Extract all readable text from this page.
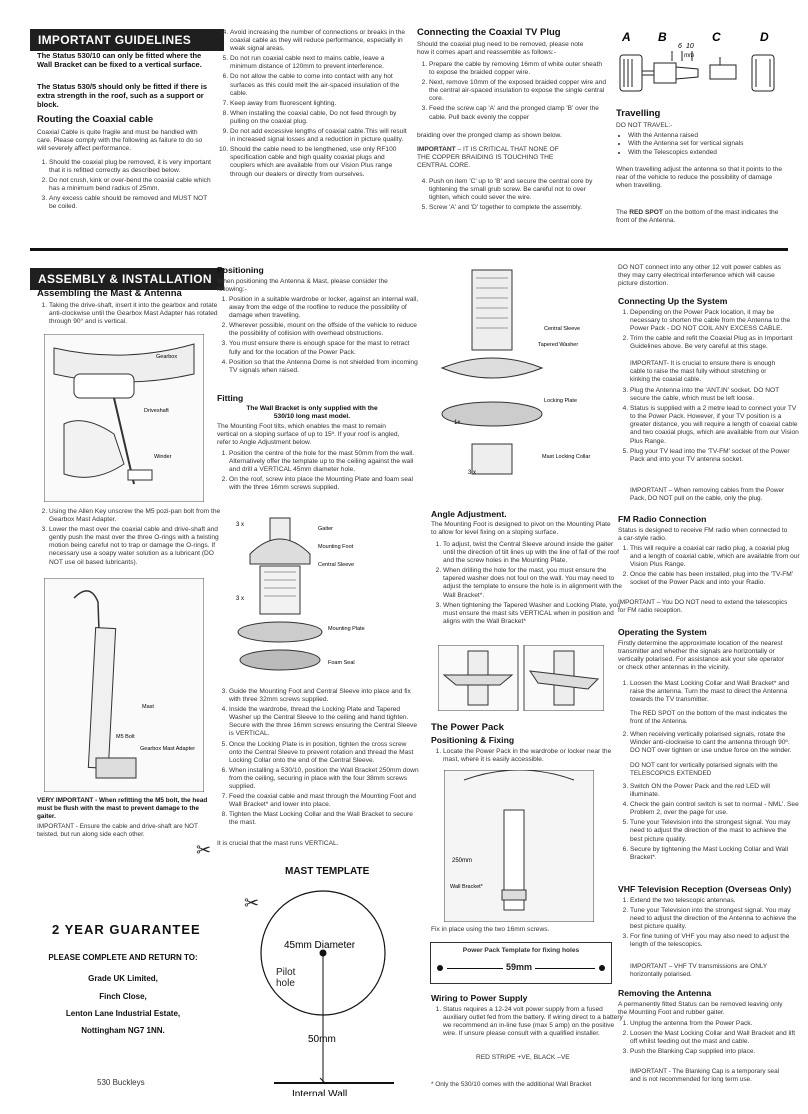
IMPORTANT GUIDELINES
The Status 530/10 can only be fitted where the Wall Bracket can be fixed to a vertical surface.
The Status 530/5 should only be fitted if there is extra strength in the roof, such as a support or block.
Routing the Coaxial cable
Coaxial Cable is quite fragile and must be handled with care. Please comply with the following as failure to do so will severely affect performance.
1. Should the coaxial plug be removed, it is very important that it is refitted correctly as described below.
2. Do not crush, kink or over-bend the coaxial cable which has a minimum bend radius of 25mm.
3. Any excess cable should be removed and MUST NOT be coiled.
4. Avoid increasing the number of connections or breaks in the coaxial cable as they will reduce performance, especially in weak signal areas.
5. Do not run coaxial cable next to mains cable, leave a minimum distance of 120mm to prevent interference.
6. Do not allow the cable to come into contact with any hot surfaces as this could melt the air-spaced insulation of the cable.
7. Keep away from fluorescent lighting.
8. When installing the coaxial cable, Do not feed through by pulling on the coaxial plug.
9. Do not add excessive lengths of coaxial cable.This will result in increased signal losses and a reduction in picture quality.
10. Should the cable need to be lengthened, use only RF100 specification cable and high quality coaxial plugs and couplers which are available from our Vision Plus range through our dealers or directly from ourselves.
Connecting the Coaxial TV Plug
Should the coaxial plug need to be removed, please note how it comes apart and reassemble as follows:-
1. Prepare the cable by removing 16mm of white outer sheath to expose the braided copper wire.
2. Next, remove 10mm of the exposed braided copper wire and the central air-spaced insulation to expose the single central core.
3. Feed the screw cap 'A' and the pronged clamp 'B' over the cable. Pull back evenly the copper
braiding over the pronged clamp as shown below.
IMPORTANT – IT IS CRITICAL THAT NONE OF THE COPPER BRAIDING IS TOUCHING THE CENTRAL CORE.
4. Push on item 'C' up to 'B' and secure the central core by tightening the small grub screw. Be careful not to over tighten, which could sever the wire.
5. Screw 'A' and 'D' together to complete the assembly.
A B	C	D
6 10
mm
Travelling
DO NOT TRAVEL:-
• With the Antenna raised
• With the Antenna set for vertical signals
• With the Telescopics extended
When travelling adjust the antenna so that it points to the rear of the vehicle to reduce the possibility of damage when travelling.
The RED SPOT on the bottom of the mast indicates the front of the Antenna.
ASSEMBLY & INSTALLATION
Assembling the Mast & Antenna
1. Taking the drive-shaft, insert it into the gearbox and rotate anti-clockwise until the Gearbox Mast Adapter has rotated through 90° and is vertical.
Gearbox
Driveshaft
Winder
2. Using the Allen Key unscrew the M5 pozi-pan bolt from the Gearbox Mast Adapter.
3. Lower the mast over the coaxial cable and drive-shaft and gently push the mast over the three O-rings with a twisting motion being careful not to trap or damage the O-rings. If necessary use a soapy water solution as a lubricant (DO NOT use oil based lubricants).
Mast
M5 Bolt
Gearbox Mast Adapter
VERY IMPORTANT - When refitting the M5 bolt, the head must be flush with the mast to prevent damage to the gaiter.
IMPORTANT - Ensure the cable and drive-shaft are NOT twisted, but run along side each other.
✂
2 YEAR GUARANTEE
PLEASE COMPLETE AND RETURN TO:
Grade UK Limited,
Finch Close,
Lenton Lane Industrial Estate,
Nottingham NG7 1NN.
530 Buckleys
Positioning
When positioning the Antenna & Mast, please consider the following:-
1. Position in a suitable wardrobe or locker, against an internal wall, away from the edge of the roofline to reduce the possibility of damage when travelling.
2. Wherever possible, mount on the offside of the vehicle to reduce the possibility of collision with overhead obstructions.
3. You must ensure there is enough space for the mast to retract fully and for the location of the Power Pack.
4. Position so that the Antenna Dome is not shielded from incoming TV signals when raised.
Fitting
The Wall Bracket is only supplied with the 530/10 long mast model.
The Mounting Foot tilts, which enables the mast to remain vertical on a sloping surface of up to 15º. If your roof is angled, refer to Angle Adjustment below.
1. Position the centre of the hole for the mast 50mm from the wall. Alternatively offer the template up to the ceiling against the wall and drill a VERTICAL 45mm diameter hole.
2. On the roof, screw into place the Mounting Plate and foam seal with the three 16mm screws supplied.
3 x
Gaiter
Mounting Foot
Central Sleeve
3 x
Mounting Plate
Foam Seal
3. Guide the Mounting Foot and Central Sleeve into place and fix with three 32mm screws supplied.
4. Inside the wardrobe, thread the Locking Plate and Tapered Washer up the Central Sleeve to the ceiling and hand tighten. Secure with the three 16mm screws ensuring the Central Sleeve is VERTICAL.
5. Once the Locking Plate is in position, tighten the cross screw onto the Central Sleeve to prevent rotation and thread the Mast Locking Collar onto the end of the Central Sleeve.
6. When installing a 530/10, position the Wall Bracket 250mm down from the ceiling, securing in place with the four 38mm screws supplied.
7. Feed the coaxial cable and mast through the Mounting Foot and Wall Bracket* and lower into place.
8. Tighten the Mast Locking Collar and the Wall Bracket to secure the mast.
It is crucial that the mast runs VERTICAL.
✂
MAST TEMPLATE
45mm Diameter
50mm
Internal Wall
Pilot hole
Central Sleeve
Tapered Washer
Locking Plate
1x
3 x
Mast Locking Collar
Angle Adjustment.
The Mounting Foot is designed to pivot on the Mounting Plate to allow for level fixing on a sloping surface.
1. To adjust, twist the Central Sleeve around inside the gaiter until the direction of tilt lines up with the line of fall of the roof and the screw holes in the Mounting Plate.
2. When drilling the hole for the mast, you must ensure the tapered washer does not foul on the wall. You may need to adjust the template to ensure the hole is in alignment with the Wall Bracket*.
3. When tightening the Tapered Washer and Locking Plate, you must ensure the mast sits VERTICAL when in position and aligns with the Wall Bracket*
The Power Pack
Positioning & Fixing
1. Locate the Power Pack in the wardrobe or locker near the mast, where it is easily accessible.
250mm
Wall Bracket*
Fix in place using the two 16mm screws.
Power Pack Template for fixing holes
59mm
Wiring to Power Supply
1. Status requires a 12-24 volt power supply from a fused auxiliary outlet fed from the battery. If wiring direct to a battery we recommend an in-line fuse (max 5 amp) on the positive wire. If unsure please consult with a qualified installer.
RED STRIPE +VE, BLACK –VE
* Only the 530/10 comes with the additional Wall Bracket
DO NOT connect into any other 12 volt power cables as they may carry electrical interference which will cause picture distortion.
Connecting Up the System
1. Depending on the Power Pack location, it may be necessary to shorten the cable from the Antenna to the Power Pack - DO NOT COIL ANY EXCESS CABLE.
2. Trim the cable and refit the Coaxial Plug as in Important Guidelines above. Be very careful at this stage.
IMPORTANT- It is crucial to ensure there is enough cable to raise the mast fully without stretching or kinking the coaxial cable.
3. Plug the Antenna into the 'ANT.IN' socket. DO NOT secure the cable, which must be left loose.
4. Status is supplied with a 2 metre lead to connect your TV to the Power Pack. However, if your TV position is a greater distance, you will require a length of coaxial cable and two coaxial plugs, which are available from our Vision Plus Range.
5. Plug your TV lead into the 'TV-FM' socket of the Power Pack and into your TV antenna socket.
IMPORTANT – When removing cables from the Power Pack, DO NOT pull on the cable, only the plug.
FM Radio Connection
Status is designed to receive FM radio when connected to a car-style radio.
1. This will require a coaxial car radio plug, a coaxial plug and a length of coaxial cable, which are available from our Vision Plus Range.
2. Once the cable has been installed, plug into the 'TV-FM' socket of the Power Pack and into your Radio.
IMPORTANT – You DO NOT need to extend the telescopics for FM radio reception.
Operating the System
Firstly determine the approximate location of the nearest transmitter and whether the signals are horizontally or vertically polarised. For assistance ask your site operator or check other antennas in the vicinity.
1. Loosen the Mast Locking Collar and Wall Bracket* and raise the antenna. Turn the mast to direct the Antenna towards the TV transmitter.
The RED SPOT on the bottom of the mast indicates the front of the Antenna.
2. When receiving vertically polarised signals, rotate the Winder anti-clockwise to cant the antenna through 90º. DO NOT over tighten or use undue force on the winder.
DO NOT cant for vertically polarised signals with the TELESCOPICS EXTENDED
3. Switch ON the Power Pack and the red LED will illuminate.
4. Check the gain control switch is set to normal - NML'. See Problem 2, over the page for use.
5. Tune your Television into the strongest signal. You may need to adjust the direction of the mast to achieve the best picture quality.
6. Secure by tightening the Mast Locking Collar and Wall Bracket*.
VHF Television Reception (Overseas Only)
1. Extend the two telescopic antennas.
2. Tune your Television into the strongest signal. You may need to adjust the direction of the Antenna to achieve the best picture quality.
3. For fine tuning of VHF you may also need to adjust the length of the telescopics.
IMPORTANT – VHF TV transmissions are ONLY horizontally polarised.
Removing the Antenna
A permanently fitted Status can be removed leaving only the Mounting Foot and rubber gaiter.
1. Unplug the antenna from the Power Pack.
2. Loosen the Mast Locking Collar and Wall Bracket and lift off whilst feeding out the mast and cable.
3. Push the Blanking Cap supplied into place.
IMPORTANT - The Blanking Cap is a temporary seal and is not recommended for long term use.
